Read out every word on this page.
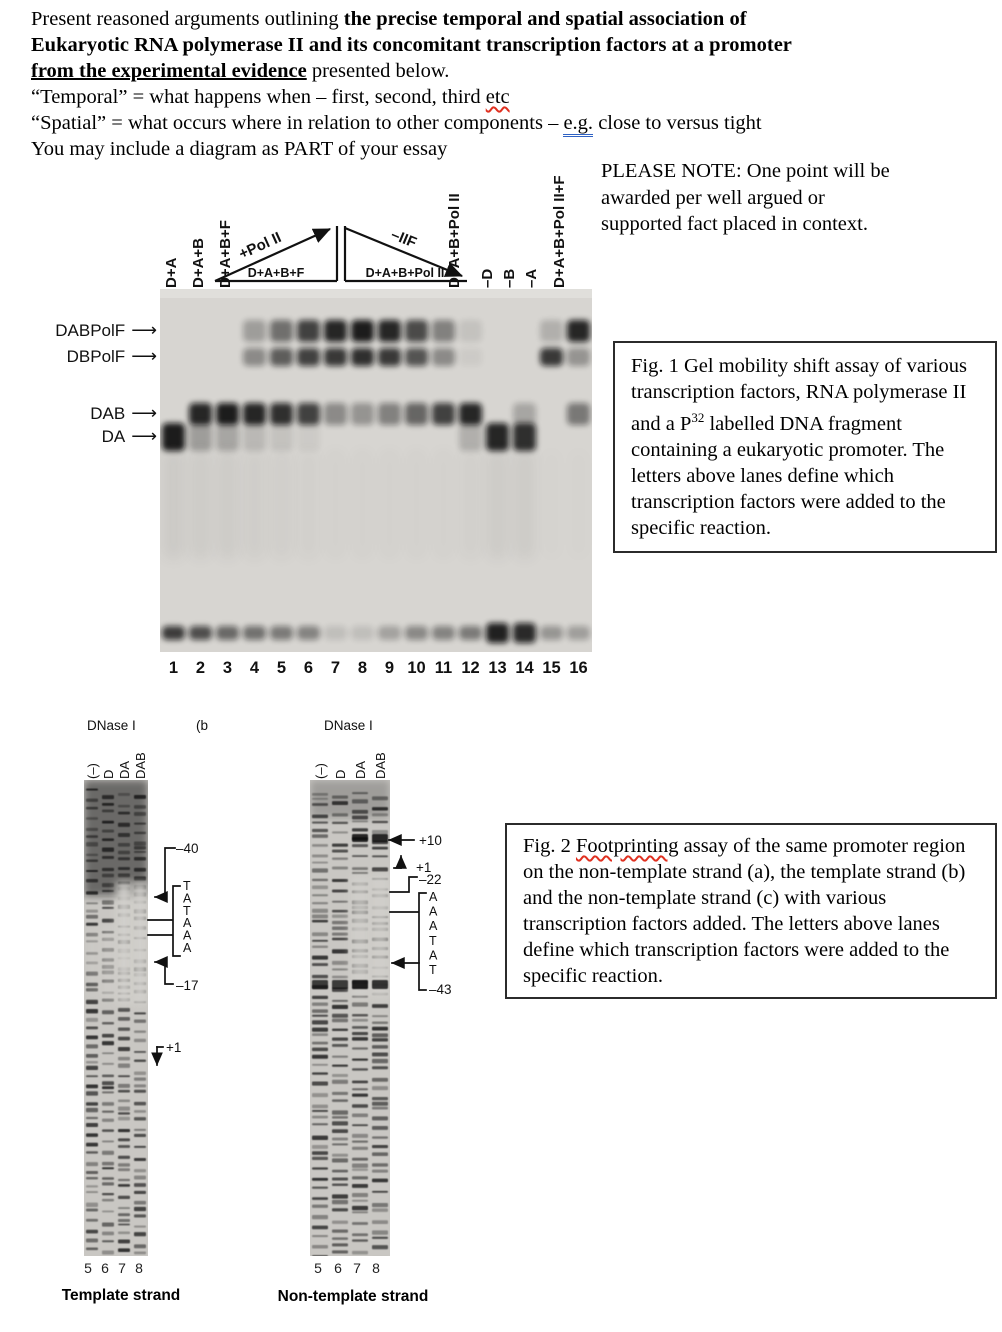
Present reasoned arguments outlining the precise temporal and spatial association of
Eukaryotic RNA polymerase II and its concomitant transcription factors at a promoter
from the experimental evidence presented below.
“Temporal” = what happens when – first, second, third etc
“Spatial” = what occurs where in relation to other components – e.g. close to versus tight
You may include a diagram as PART of your essay
PLEASE NOTE: One point will be awarded per well argued or supported fact placed in context.
+Pol II
D+A+B+F
–IIF
D+A+B+Pol II
Fig. 1 Gel mobility shift assay of various transcription factors, RNA polymerase II and a $P^{32}$ labelled DNA fragment containing a eukaryotic promoter. The letters above lanes define which transcription factors were added to the specific reaction.
DNase I	(b	DNase I
–40
T
A
T
A
A
A
–17
+1
+10
+1
–22
A
A
A
T
A
T
–43
Template strand	Non-template strand
Fig. 2 Footprinting assay of the same promoter region on the non-template strand (a), the template strand (b) and the non-template strand (c) with various transcription factors added. The letters above lanes define which transcription factors were added to the specific reaction.
D+A D+A+B D+A+B+F	D+A+B+Pol II –D –B –A D+A+B+Pol II+F
DABPolF ⟶
DBPolF ⟶
DAB ⟶
DA ⟶
1	2	3	4	5	6	7	8	9 10 11 12 13 14 15 16
(–) D DA DAB	(–) D DA DAB
5 6 7 8	5 6 7 8
